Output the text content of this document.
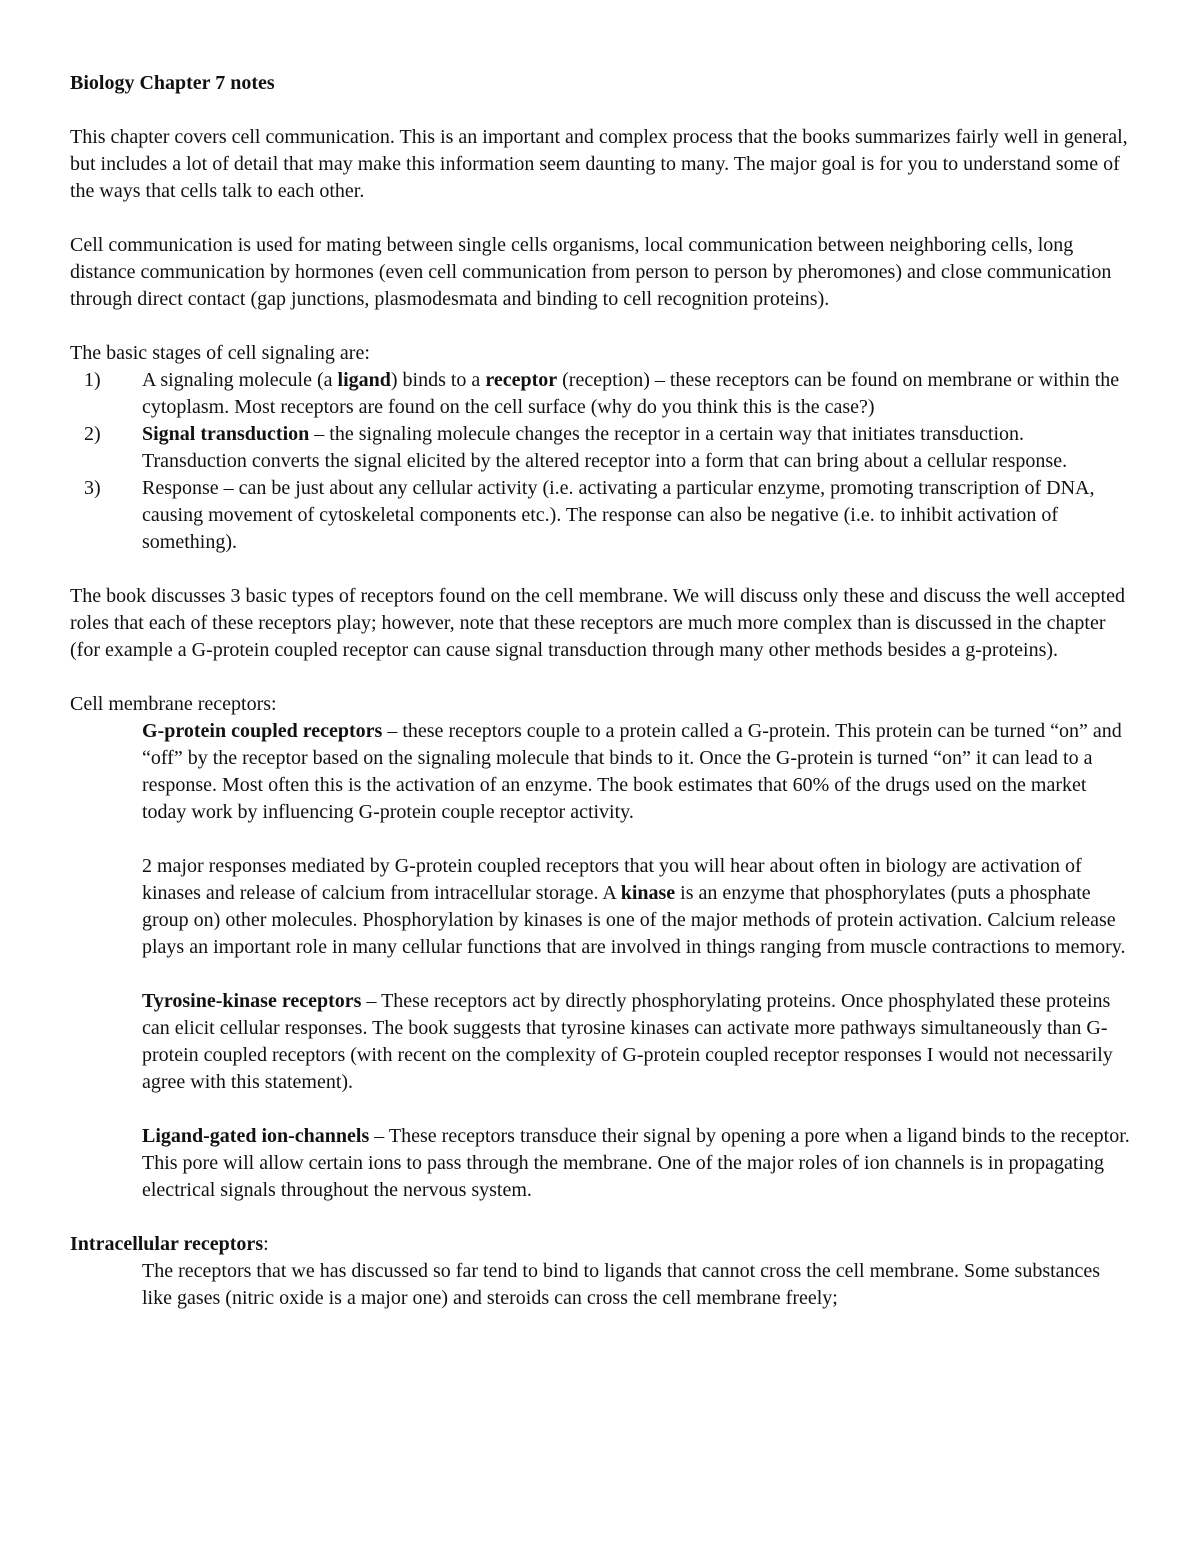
Biology Chapter 7 notes

This chapter covers cell communication. This is an important and complex process that the books summarizes fairly well in general, but includes a lot of detail that may make this information seem daunting to many. The major goal is for you to understand some of the ways that cells talk to each other.

Cell communication is used for mating between single cells organisms, local communication between neighboring cells, long distance communication by hormones (even cell communication from person to person by pheromones) and close communication through direct contact (gap junctions, plasmodesmata and binding to cell recognition proteins).

The basic stages of cell signaling are:
1) A signaling molecule (a ligand) binds to a receptor (reception) – these receptors can be found on membrane or within the cytoplasm. Most receptors are found on the cell surface (why do you think this is the case?)
2) Signal transduction – the signaling molecule changes the receptor in a certain way that initiates transduction. Transduction converts the signal elicited by the altered receptor into a form that can bring about a cellular response.
3) Response – can be just about any cellular activity (i.e. activating a particular enzyme, promoting transcription of DNA, causing movement of cytoskeletal components etc.). The response can also be negative (i.e. to inhibit activation of something).

The book discusses 3 basic types of receptors found on the cell membrane. We will discuss only these and discuss the well accepted roles that each of these receptors play; however, note that these receptors are much more complex than is discussed in the chapter (for example a G-protein coupled receptor can cause signal transduction through many other methods besides a g-proteins).

Cell membrane receptors:
G-protein coupled receptors – these receptors couple to a protein called a G-protein. This protein can be turned “on” and “off” by the receptor based on the signaling molecule that binds to it. Once the G-protein is turned “on” it can lead to a response. Most often this is the activation of an enzyme. The book estimates that 60% of the drugs used on the market today work by influencing G-protein couple receptor activity.
2 major responses mediated by G-protein coupled receptors that you will hear about often in biology are activation of kinases and release of calcium from intracellular storage. A kinase is an enzyme that phosphorylates (puts a phosphate group on) other molecules. Phosphorylation by kinases is one of the major methods of protein activation. Calcium release plays an important role in many cellular functions that are involved in things ranging from muscle contractions to memory.
Tyrosine-kinase receptors – These receptors act by directly phosphorylating proteins. Once phosphylated these proteins can elicit cellular responses. The book suggests that tyrosine kinases can activate more pathways simultaneously than G-protein coupled receptors (with recent on the complexity of G-protein coupled receptor responses I would not necessarily agree with this statement).
Ligand-gated ion-channels – These receptors transduce their signal by opening a pore when a ligand binds to the receptor. This pore will allow certain ions to pass through the membrane. One of the major roles of ion channels is in propagating electrical signals throughout the nervous system.
Intracellular receptors:
The receptors that we has discussed so far tend to bind to ligands that cannot cross the cell membrane. Some substances like gases (nitric oxide is a major one) and steroids can cross the cell membrane freely;
